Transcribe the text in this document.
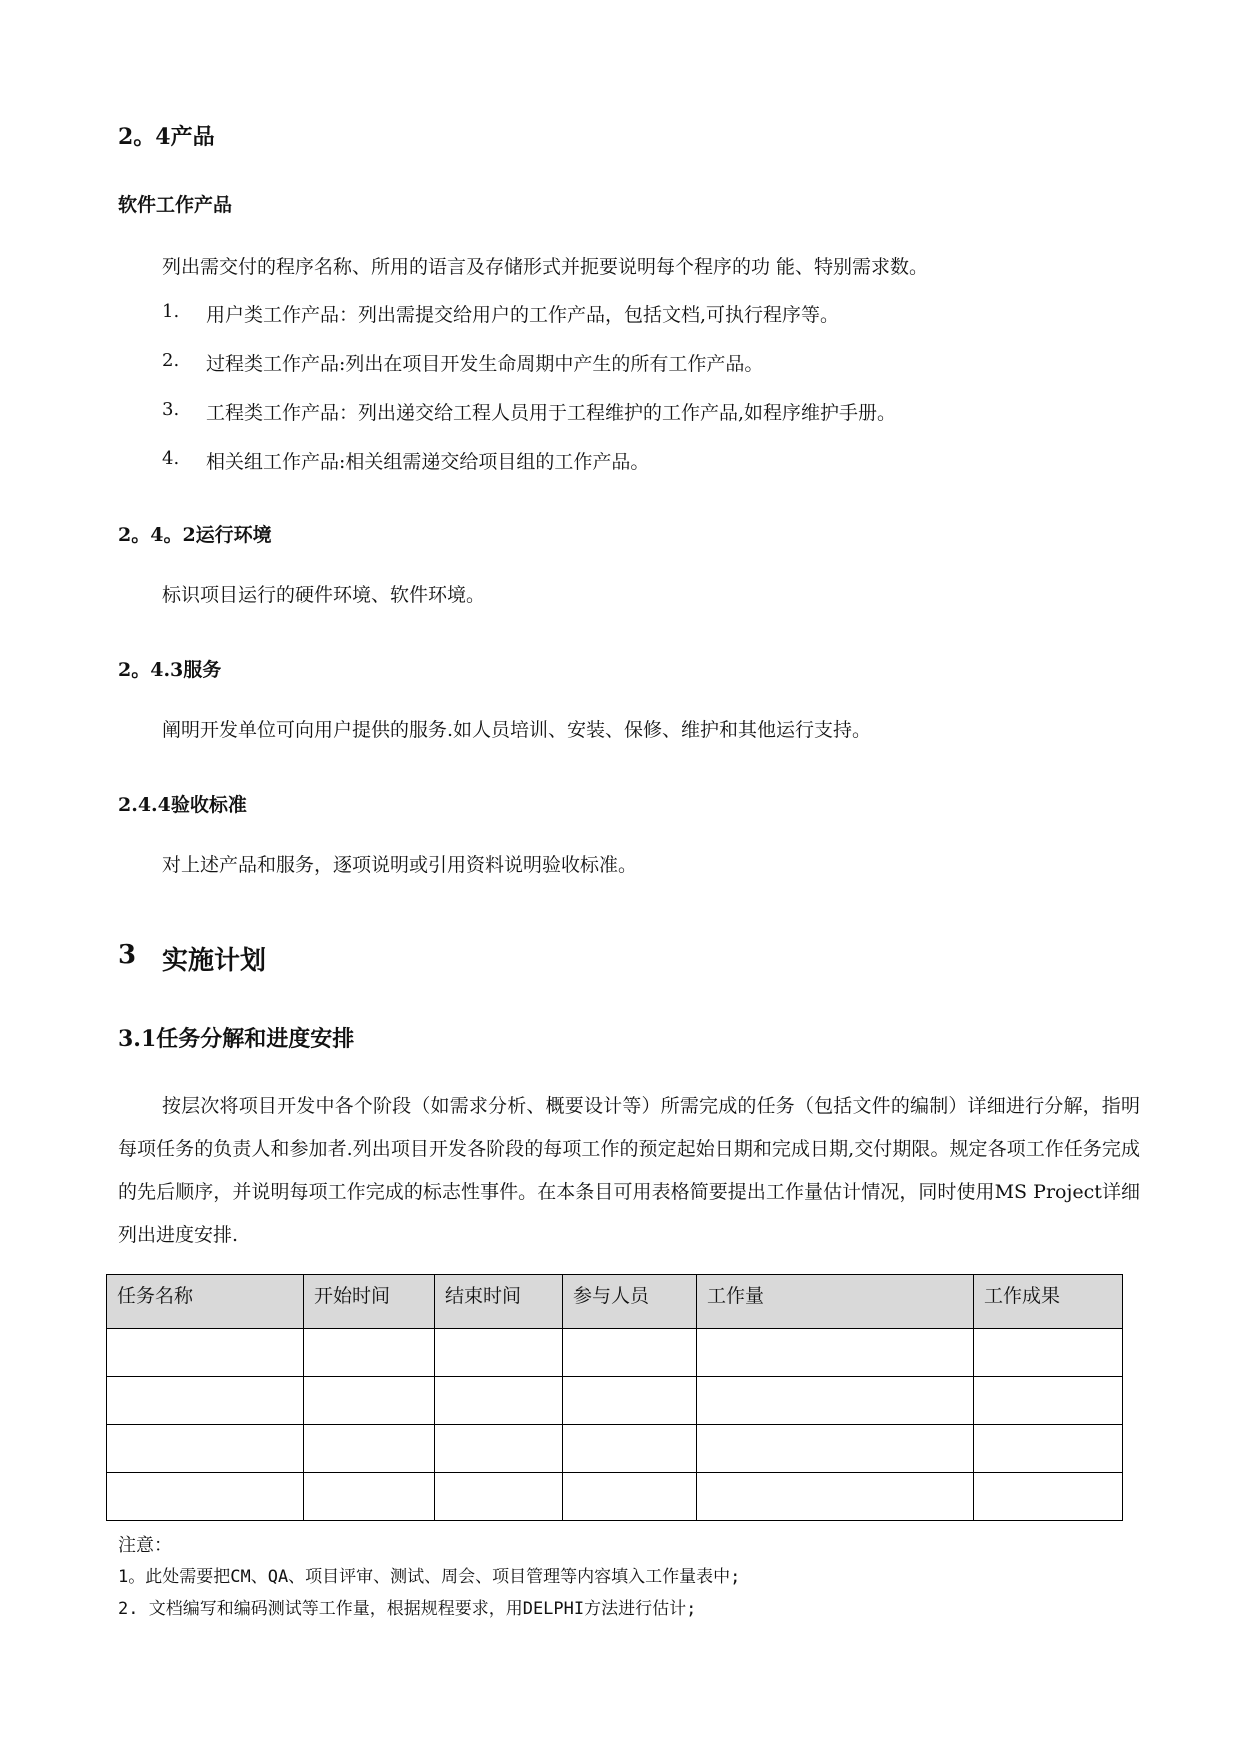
2。4产品
软件工作产品
列出需交付的程序名称、所用的语言及存储形式并扼要说明每个程序的功 能、特别需求数。
1. 用户类工作产品：列出需提交给用户的工作产品，包括文档,可执行程序等。
2. 过程类工作产品:列出在项目开发生命周期中产生的所有工作产品。
3. 工程类工作产品：列出递交给工程人员用于工程维护的工作产品,如程序维护手册。
4. 相关组工作产品:相关组需递交给项目组的工作产品。
2。4。2运行环境
标识项目运行的硬件环境、软件环境。
2。4.3服务
阐明开发单位可向用户提供的服务.如人员培训、安装、保修、维护和其他运行支持。
2.4.4验收标准
对上述产品和服务，逐项说明或引用资料说明验收标准。
3 实施计划
3.1任务分解和进度安排
按层次将项目开发中各个阶段（如需求分析、概要设计等）所需完成的任务（包括文件的编制）详细进行分解，指明每项任务的负责人和参加者.列出项目开发各阶段的每项工作的预定起始日期和完成日期,交付期限。规定各项工作任务完成的先后顺序，并说明每项工作完成的标志性事件。在本条目可用表格简要提出工作量估计情况，同时使用MS Project详细列出进度安排.
任务名称	开始时间	结束时间	参与人员	工作量	工作成果

注意：
1。此处需要把CM、QA、项目评审、测试、周会、项目管理等内容填入工作量表中;
2. 文档编写和编码测试等工作量，根据规程要求，用DELPHI方法进行估计;
